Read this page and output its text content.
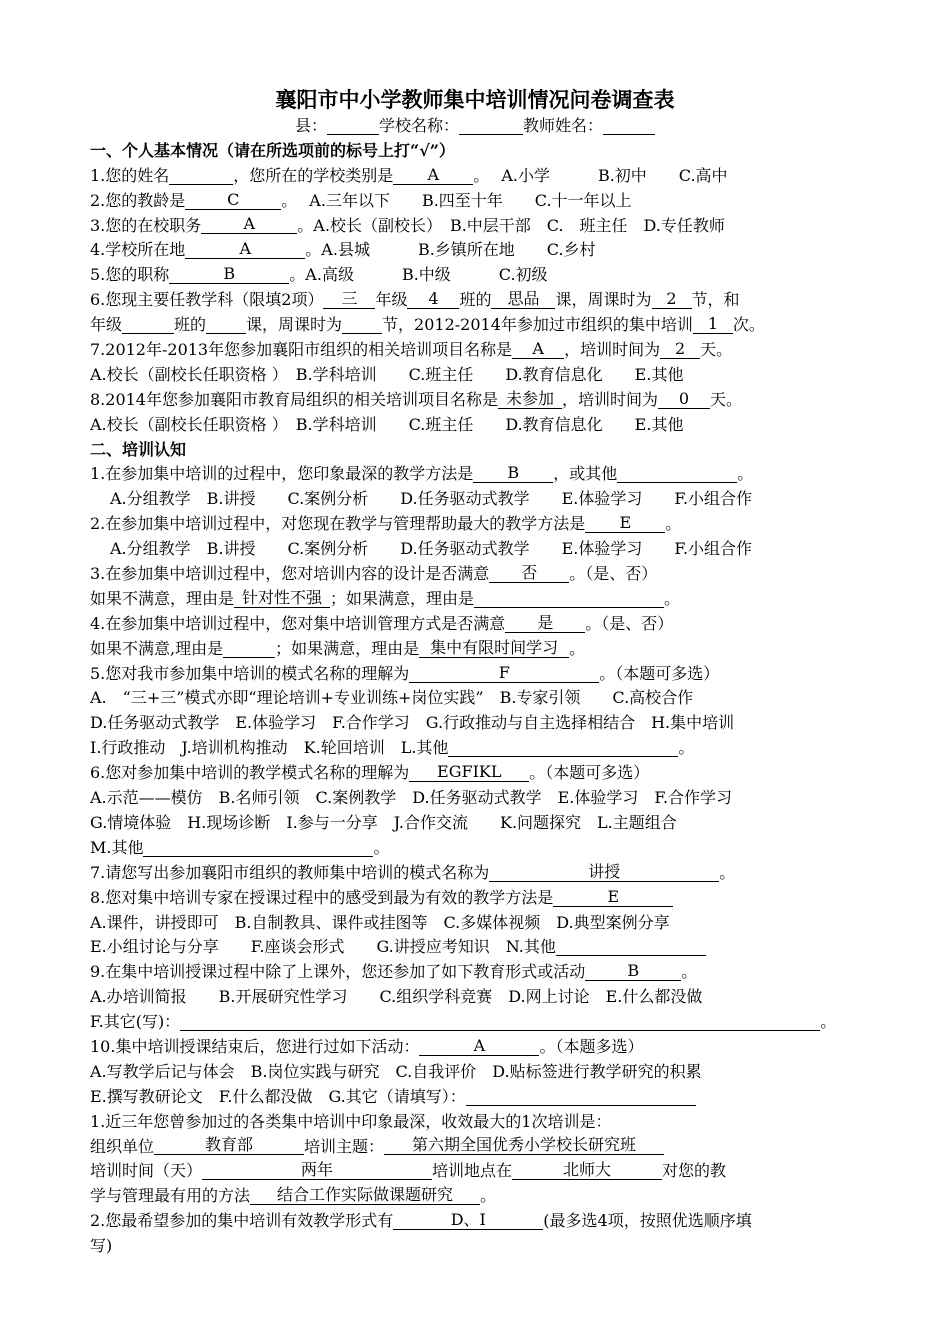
襄阳市中小学教师集中培训情况问卷调查表
县：	学校名称：	教师姓名：
一、个人基本情况（请在所选项前的标号上打“√”）
1.您的姓名	，您所在的学校类别是 A 。 A.小学　　　B.初中　　C.高中
2.您的教龄是	C	。 A.三年以下　　B.四至十年　　C.十一年以上
3.您的在校职务	A	。A.校长（副校长）　B.中层干部　C.　班主任　D.专任教师
4.学校所在地	A	。A.县城　　　B.乡镇所在地　　C.乡村
5.您的职称	B	。A.高级　　　B.中级　　　C.初级
6.您现主要任教学科（限填2项） 三 年级 4 班的 思品 课，周课时为 2 节，和
年级	班的	课，周课时为	节，2012-2014年参加过市组织的集中培训 1 次。
7.2012年-2013年您参加襄阳市组织的相关培训项目名称是 A ，培训时间为 2 天。
A.校长（副校长任职资格 ）　B.学科培训　　C.班主任　　D.教育信息化　　E.其他
8.2014年您参加襄阳市教育局组织的相关培训项目名称是 未参加 ，培训时间为 0 天。
A.校长（副校长任职资格 ）　B.学科培训　　C.班主任　　D.教育信息化　　E.其他
二、培训认知
1.在参加集中培训的过程中，您印象最深的教学方法是 B ，或其他	。
A.分组教学　B.讲授　　C.案例分析　　D.任务驱动式教学　　E.体验学习　　F.小组合作
2.在参加集中培训过程中，对您现在教学与管理帮助最大的教学方法是 E 。
A.分组教学　B.讲授　　C.案例分析　　D.任务驱动式教学　　E.体验学习　　F.小组合作
3.在参加集中培训过程中，您对培训内容的设计是否满意 否 。（是、否）
如果不满意，理由是 针对性不强 ；如果满意，理由是	。
4.在参加集中培训过程中，您对集中培训管理方式是否满意 是 。（是、否）
如果不满意,理由是	；如果满意，理由是 集中有限时间学习 。
5.您对我市参加集中培训的模式名称的理解为	F	。（本题可多选）
A.　“三+三”模式亦即“理论培训+专业训练+岗位实践”　B.专家引领　　C.高校合作
D.任务驱动式教学　E.体验学习　F.合作学习　G.行政推动与自主选择相结合　H.集中培训
I.行政推动　J.培训机构推动　K.轮回培训　L.其他	。
6.您对参加集中培训的教学模式名称的理解为 EGFIKL 。（本题可多选）
A.示范——模仿　B.名师引领　C.案例教学　D.任务驱动式教学　E.体验学习　F.合作学习
G.情境体验　H.现场诊断　I.参与一分享　J.合作交流　　K.问题探究　L.主题组合
M.其他	。
7.请您写出参加襄阳市组织的教师集中培训的模式名称为	讲授	。
8.您对集中培训专家在授课过程中的感受到最为有效的教学方法是	E
A.课件，讲授即可　B.自制教具、课件或挂图等　C.多媒体视频　D.典型案例分享
E.小组讨论与分享　　F.座谈会形式　　G.讲授应考知识　N.其他
9.在集中培训授课过程中除了上课外，您还参加了如下教育形式或活动	B	。
A.办培训简报　　B.开展研究性学习　　C.组织学科竞赛　D.网上讨论　E.什么都没做
F.其它(写)：	。
10.集中培训授课结束后，您进行过如下活动：	A	。（本题多选）
A.写教学后记与体会　B.岗位实践与研究　C.自我评价　D.贴标签进行教学研究的积累
E.撰写教研论文　F.什么都没做　G.其它（请填写）：
1.近三年您曾参加过的各类集中培训中印象最深，收效最大的1次培训是：
组织单位	教育部	培训主题： 第六期全国优秀小学校长研究班
培训时间（天）	两年	培训地点在	北师大	对您的教
学与管理最有用的方法 结合工作实际做课题研究 。
2.您最希望参加的集中培训有效教学形式有	D、I	(最多选4项，按照优选顺序填
写)
